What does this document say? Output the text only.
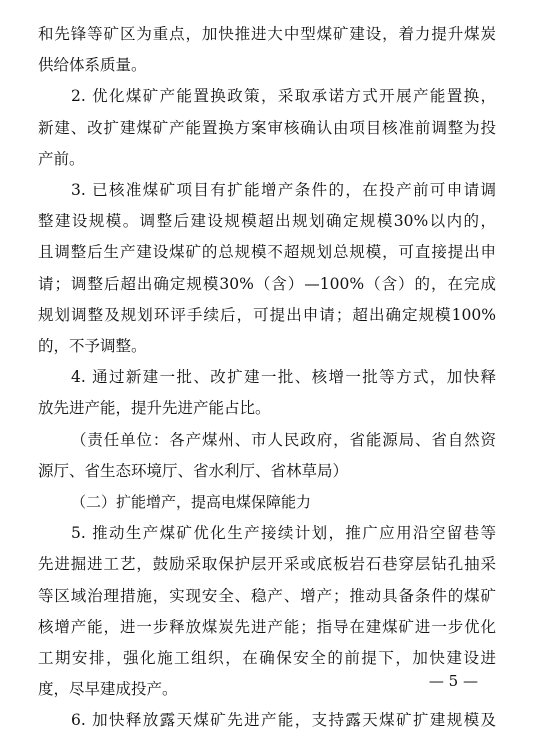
和先锋等矿区为重点，加快推进大中型煤矿建设，着力提升煤炭
供给体系质量。
2. 优化煤矿产能置换政策，采取承诺方式开展产能置换，
新建、改扩建煤矿产能置换方案审核确认由项目核准前调整为投
产前。
3. 已核准煤矿项目有扩能增产条件的，在投产前可申请调
整建设规模。调整后建设规模超出规划确定规模30%以内的，
且调整后生产建设煤矿的总规模不超规划总规模，可直接提出申
请；调整后超出确定规模30%（含）—100%（含）的，在完成
规划调整及规划环评手续后，可提出申请；超出确定规模100%
的，不予调整。
4. 通过新建一批、改扩建一批、核增一批等方式，加快释
放先进产能，提升先进产能占比。
（责任单位：各产煤州、市人民政府，省能源局、省自然资
源厅、省生态环境厅、省水利厅、省林草局）
（二）扩能增产，提高电煤保障能力
5. 推动生产煤矿优化生产接续计划，推广应用沿空留巷等
先进掘进工艺，鼓励采取保护层开采或底板岩石巷穿层钻孔抽采
等区域治理措施，实现安全、稳产、增产；推动具备条件的煤矿
核增产能，进一步释放煤炭先进产能；指导在建煤矿进一步优化
工期安排，强化施工组织，在确保安全的前提下，加快建设进
度，尽早建成投产。
6. 加快释放露天煤矿先进产能，支持露天煤矿扩建规模及
— 5 —
